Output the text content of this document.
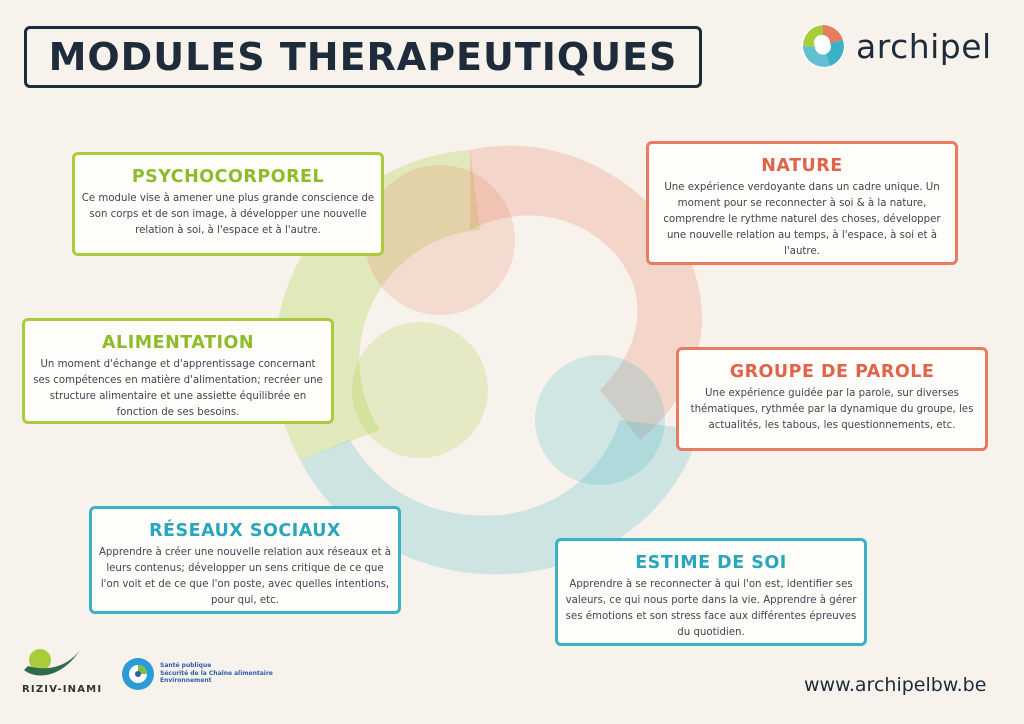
MODULES THERAPEUTIQUES	archipel
PSYCHOCORPOREL
Ce module vise à amener une plus grande conscience de son corps et de son image, à développer une nouvelle relation à soi, à l'espace et à l'autre.
NATURE
Une expérience verdoyante dans un cadre unique. Un moment pour se reconnecter à soi & à la nature, comprendre le rythme naturel des choses, développer une nouvelle relation au temps, à l'espace, à soi et à l'autre.
ALIMENTATION
Un moment d'échange et d'apprentissage concernant ses compétences en matière d'alimentation; recréer une structure alimentaire et une assiette équilibrée en fonction de ses besoins.
GROUPE DE PAROLE
Une expérience guidée par la parole, sur diverses thématiques, rythmée par la dynamique du groupe, les actualités, les tabous, les questionnements, etc.
RÉSEAUX SOCIAUX
Apprendre à créer une nouvelle relation aux réseaux et à leurs contenus; développer un sens critique de ce que l'on voit et de ce que l'on poste, avec quelles intentions, pour qui, etc.
ESTIME DE SOI
Apprendre à se reconnecter à qui l'on est, identifier ses valeurs, ce qui nous porte dans la vie. Apprendre à gérer ses émotions et son stress face aux différentes épreuves du quotidien.
RIZIV-INAMI
Santé publique
Sécurité de la Chaîne alimentaire
Environnement	www.archipelbw.be
